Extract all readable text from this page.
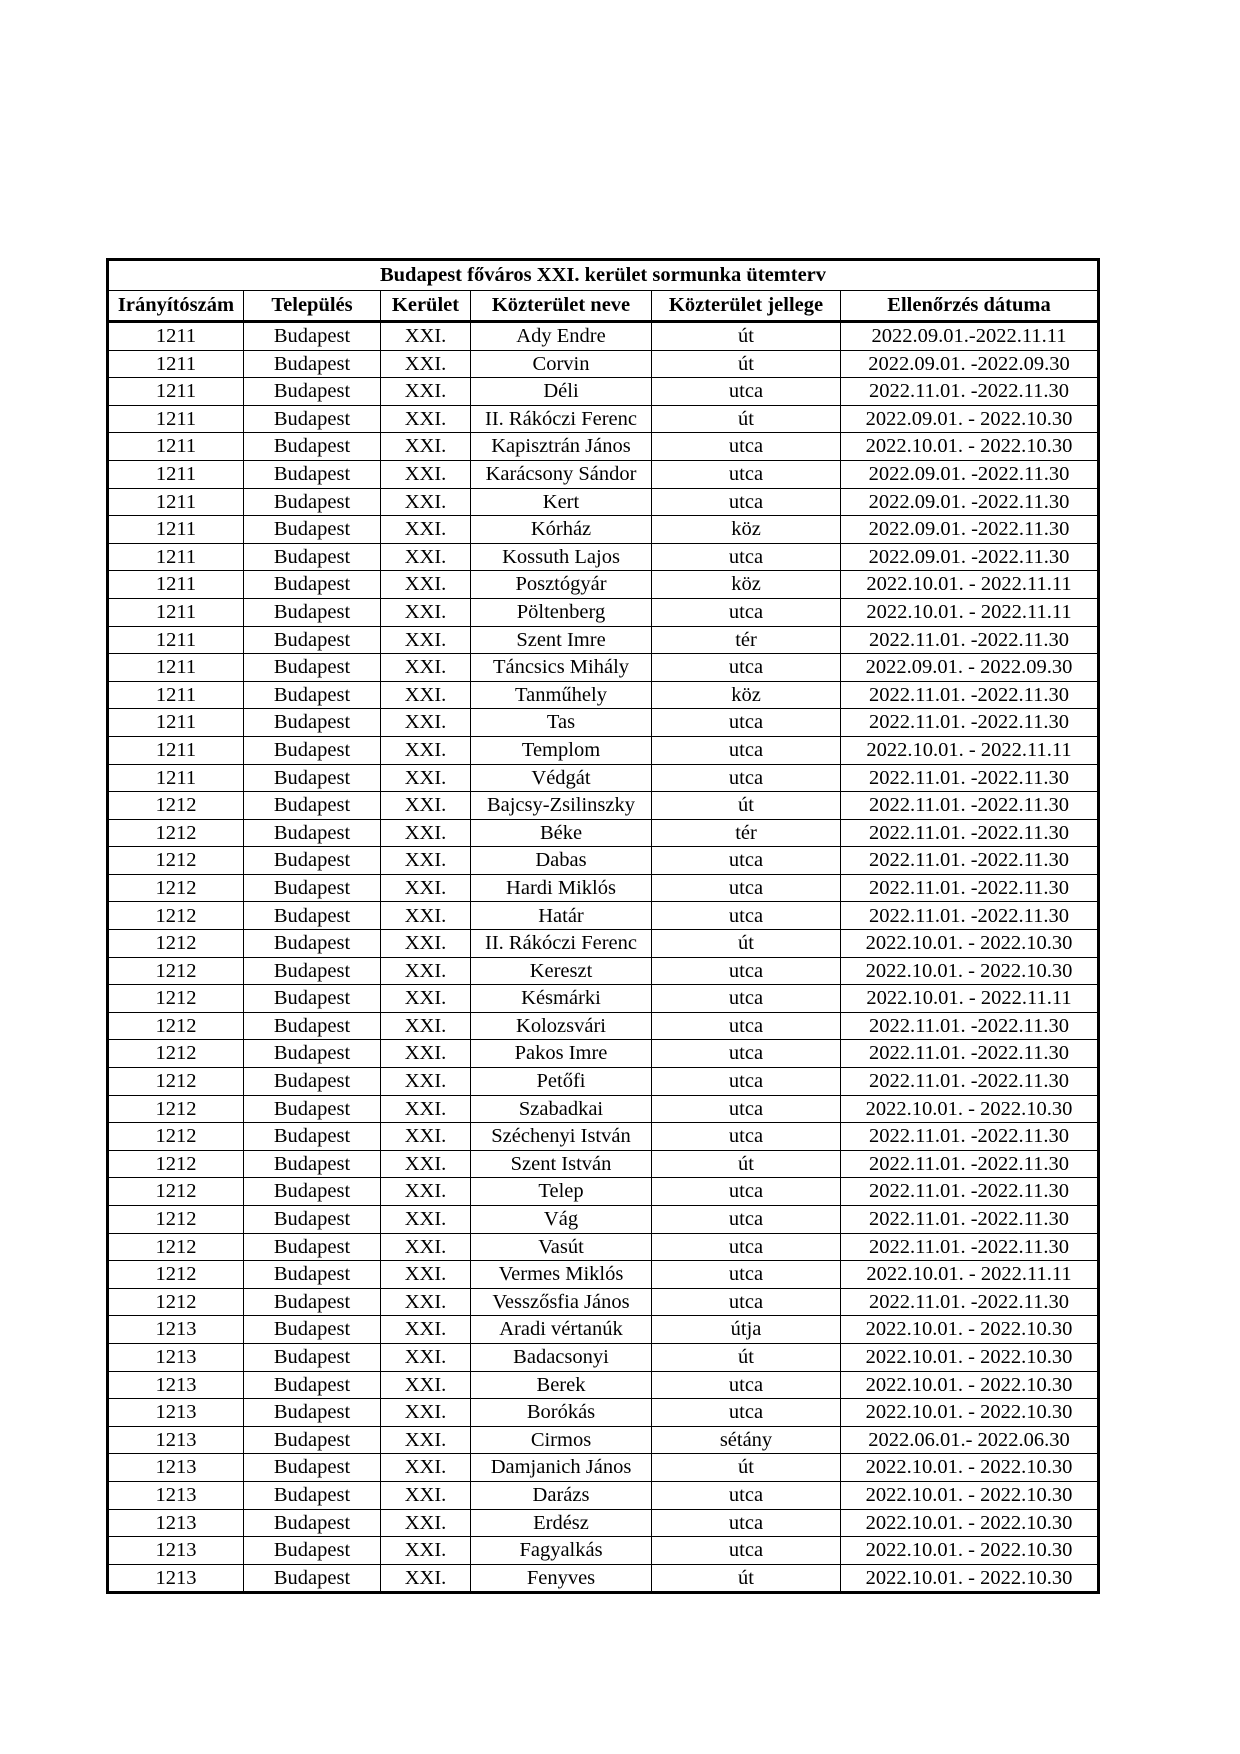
Budapest főváros XXI. kerület sormunka ütemterv					
Irányítószám	Település	Kerület	Közterület neve	Közterület jellege	Ellenőrzés dátuma
1211	Budapest	XXI.	Ady Endre	út	2022.09.01.-2022.11.11
1211	Budapest	XXI.	Corvin	út	2022.09.01. -2022.09.30
1211	Budapest	XXI.	Déli	utca	2022.11.01. -2022.11.30
1211	Budapest	XXI.	II. Rákóczi Ferenc	út	2022.09.01. - 2022.10.30
1211	Budapest	XXI.	Kapisztrán János	utca	2022.10.01. - 2022.10.30
1211	Budapest	XXI.	Karácsony Sándor	utca	2022.09.01. -2022.11.30
1211	Budapest	XXI.	Kert	utca	2022.09.01. -2022.11.30
1211	Budapest	XXI.	Kórház	köz	2022.09.01. -2022.11.30
1211	Budapest	XXI.	Kossuth Lajos	utca	2022.09.01. -2022.11.30
1211	Budapest	XXI.	Posztógyár	köz	2022.10.01. - 2022.11.11
1211	Budapest	XXI.	Pöltenberg	utca	2022.10.01. - 2022.11.11
1211	Budapest	XXI.	Szent Imre	tér	2022.11.01. -2022.11.30
1211	Budapest	XXI.	Táncsics Mihály	utca	2022.09.01. - 2022.09.30
1211	Budapest	XXI.	Tanműhely	köz	2022.11.01. -2022.11.30
1211	Budapest	XXI.	Tas	utca	2022.11.01. -2022.11.30
1211	Budapest	XXI.	Templom	utca	2022.10.01. - 2022.11.11
1211	Budapest	XXI.	Védgát	utca	2022.11.01. -2022.11.30
1212	Budapest	XXI.	Bajcsy-Zsilinszky	út	2022.11.01. -2022.11.30
1212	Budapest	XXI.	Béke	tér	2022.11.01. -2022.11.30
1212	Budapest	XXI.	Dabas	utca	2022.11.01. -2022.11.30
1212	Budapest	XXI.	Hardi Miklós	utca	2022.11.01. -2022.11.30
1212	Budapest	XXI.	Határ	utca	2022.11.01. -2022.11.30
1212	Budapest	XXI.	II. Rákóczi Ferenc	út	2022.10.01. - 2022.10.30
1212	Budapest	XXI.	Kereszt	utca	2022.10.01. - 2022.10.30
1212	Budapest	XXI.	Késmárki	utca	2022.10.01. - 2022.11.11
1212	Budapest	XXI.	Kolozsvári	utca	2022.11.01. -2022.11.30
1212	Budapest	XXI.	Pakos Imre	utca	2022.11.01. -2022.11.30
1212	Budapest	XXI.	Petőfi	utca	2022.11.01. -2022.11.30
1212	Budapest	XXI.	Szabadkai	utca	2022.10.01. - 2022.10.30
1212	Budapest	XXI.	Széchenyi István	utca	2022.11.01. -2022.11.30
1212	Budapest	XXI.	Szent István	út	2022.11.01. -2022.11.30
1212	Budapest	XXI.	Telep	utca	2022.11.01. -2022.11.30
1212	Budapest	XXI.	Vág	utca	2022.11.01. -2022.11.30
1212	Budapest	XXI.	Vasút	utca	2022.11.01. -2022.11.30
1212	Budapest	XXI.	Vermes Miklós	utca	2022.10.01. - 2022.11.11
1212	Budapest	XXI.	Vesszősfia János	utca	2022.11.01. -2022.11.30
1213	Budapest	XXI.	Aradi vértanúk	útja	2022.10.01. - 2022.10.30
1213	Budapest	XXI.	Badacsonyi	út	2022.10.01. - 2022.10.30
1213	Budapest	XXI.	Berek	utca	2022.10.01. - 2022.10.30
1213	Budapest	XXI.	Borókás	utca	2022.10.01. - 2022.10.30
1213	Budapest	XXI.	Cirmos	sétány	2022.06.01.- 2022.06.30
1213	Budapest	XXI.	Damjanich János	út	2022.10.01. - 2022.10.30
1213	Budapest	XXI.	Darázs	utca	2022.10.01. - 2022.10.30
1213	Budapest	XXI.	Erdész	utca	2022.10.01. - 2022.10.30
1213	Budapest	XXI.	Fagyalkás	utca	2022.10.01. - 2022.10.30
1213	Budapest	XXI.	Fenyves	út	2022.10.01. - 2022.10.30
